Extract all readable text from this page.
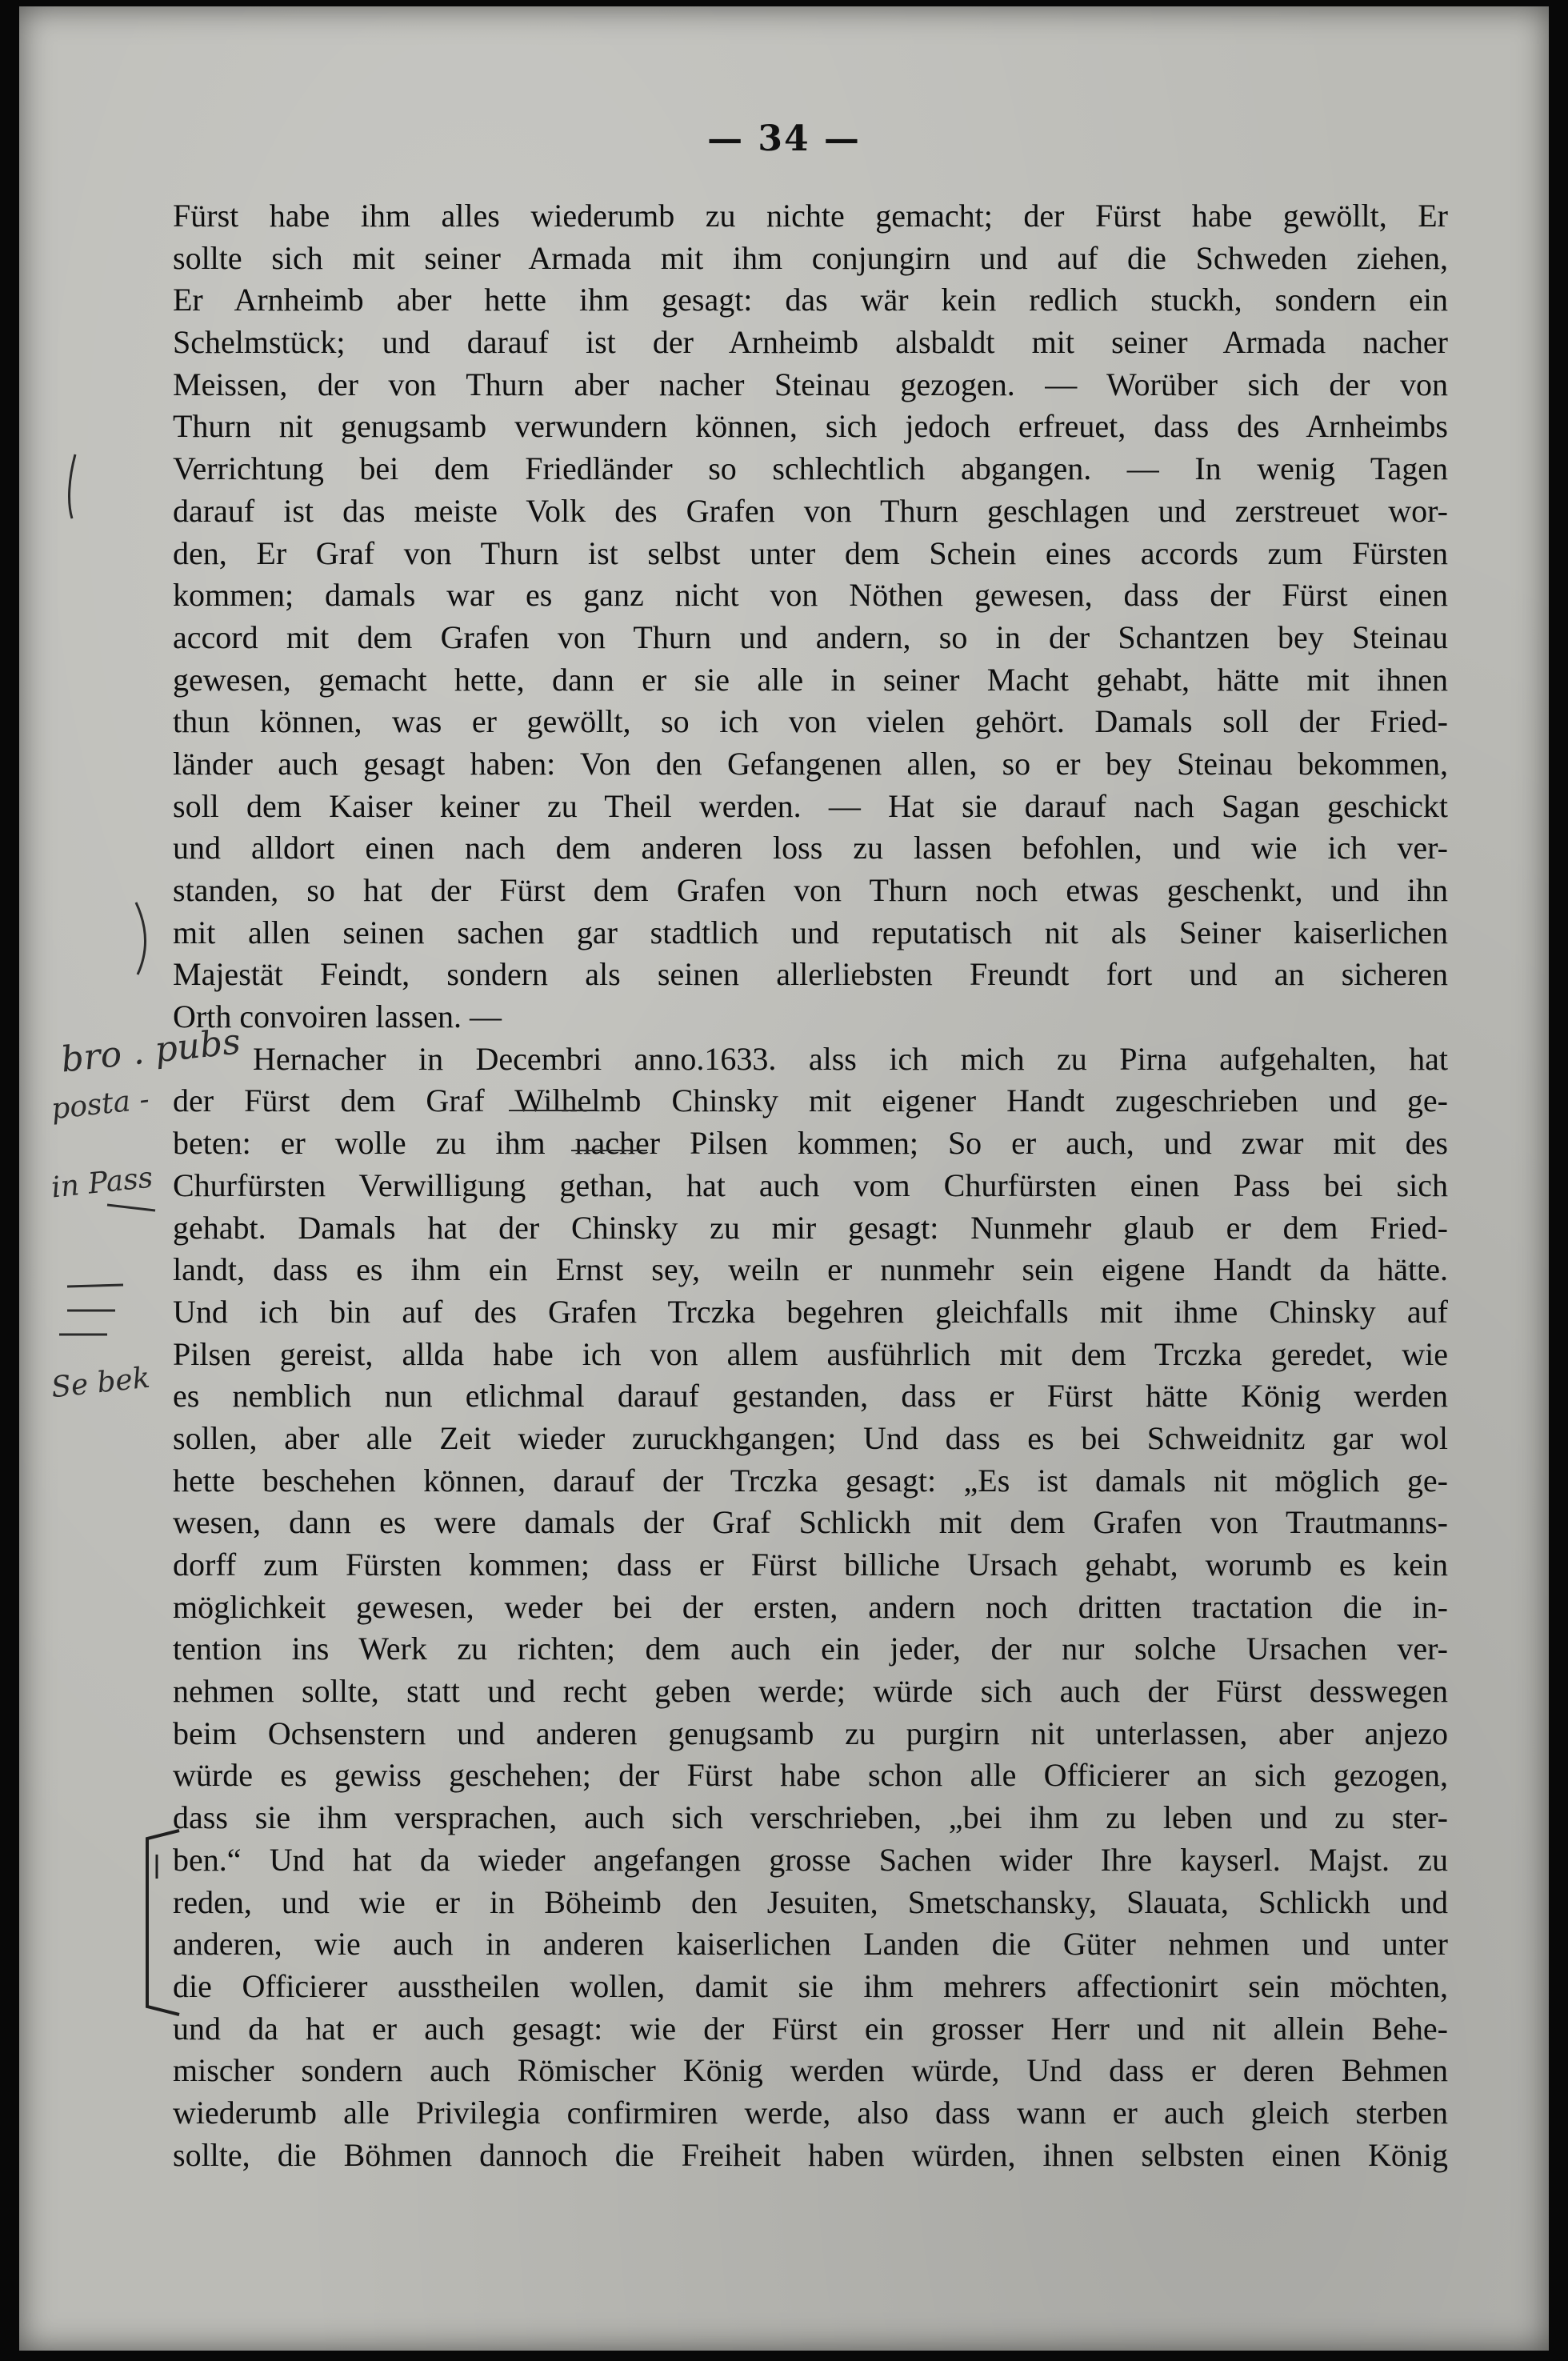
— 34 —
Fürst habe ihm alles wiederumb zu nichte gemacht; der Fürst habe gewöllt, Er
sollte sich mit seiner Armada mit ihm conjungirn und auf die Schweden ziehen,
Er Arnheimb aber hette ihm gesagt: das wär kein redlich stuckh, sondern ein
Schelmstück; und darauf ist der Arnheimb alsbaldt mit seiner Armada nacher
Meissen, der von Thurn aber nacher Steinau gezogen. — Worüber sich der von
Thurn nit genugsamb verwundern können, sich jedoch erfreuet, dass des Arnheimbs
Verrichtung bei dem Friedländer so schlechtlich abgangen. — In wenig Tagen
darauf ist das meiste Volk des Grafen von Thurn geschlagen und zerstreuet wor-
den, Er Graf von Thurn ist selbst unter dem Schein eines accords zum Fürsten
kommen; damals war es ganz nicht von Nöthen gewesen, dass der Fürst einen
accord mit dem Grafen von Thurn und andern, so in der Schantzen bey Steinau
gewesen, gemacht hette, dann er sie alle in seiner Macht gehabt, hätte mit ihnen
thun können, was er gewöllt, so ich von vielen gehört. Damals soll der Fried-
länder auch gesagt haben: Von den Gefangenen allen, so er bey Steinau bekommen,
soll dem Kaiser keiner zu Theil werden. — Hat sie darauf nach Sagan geschickt
und alldort einen nach dem anderen loss zu lassen befohlen, und wie ich ver-
standen, so hat der Fürst dem Grafen von Thurn noch etwas geschenkt, und ihn
mit allen seinen sachen gar stadtlich und reputatisch nit als Seiner kaiserlichen
Majestät Feindt, sondern als seinen allerliebsten Freundt fort und an sicheren
Orth convoiren lassen. —
Hernacher in Decembri anno.1633. alss ich mich zu Pirna aufgehalten, hat
der Fürst dem Graf Wilhelmb Chinsky mit eigener Handt zugeschrieben und ge-
beten: er wolle zu ihm nacher Pilsen kommen; So er auch, und zwar mit des
Churfürsten Verwilligung gethan, hat auch vom Churfürsten einen Pass bei sich
gehabt. Damals hat der Chinsky zu mir gesagt: Nunmehr glaub er dem Fried-
landt, dass es ihm ein Ernst sey, weiln er nunmehr sein eigene Handt da hätte.
Und ich bin auf des Grafen Trczka begehren gleichfalls mit ihme Chinsky auf
Pilsen gereist, allda habe ich von allem ausführlich mit dem Trczka geredet, wie
es nemblich nun etlichmal darauf gestanden, dass er Fürst hätte König werden
sollen, aber alle Zeit wieder zuruckhgangen; Und dass es bei Schweidnitz gar wol
hette beschehen können, darauf der Trczka gesagt: „Es ist damals nit möglich ge-
wesen, dann es were damals der Graf Schlickh mit dem Grafen von Trautmanns-
dorff zum Fürsten kommen; dass er Fürst billiche Ursach gehabt, worumb es kein
möglichkeit gewesen, weder bei der ersten, andern noch dritten tractation die in-
tention ins Werk zu richten; dem auch ein jeder, der nur solche Ursachen ver-
nehmen sollte, statt und recht geben werde; würde sich auch der Fürst desswegen
beim Ochsenstern und anderen genugsamb zu purgirn nit unterlassen, aber anjezo
würde es gewiss geschehen; der Fürst habe schon alle Officierer an sich gezogen,
dass sie ihm versprachen, auch sich verschrieben, „bei ihm zu leben und zu ster-
ben.“ Und hat da wieder angefangen grosse Sachen wider Ihre kayserl. Majst. zu
reden, und wie er in Böheimb den Jesuiten, Smetschansky, Slauata, Schlickh und
anderen, wie auch in anderen kaiserlichen Landen die Güter nehmen und unter
die Officierer ausstheilen wollen, damit sie ihm mehrers affectionirt sein möchten,
und da hat er auch gesagt: wie der Fürst ein grosser Herr und nit allein Behe-
mischer sondern auch Römischer König werden würde, Und dass er deren Behmen
wiederumb alle Privilegia confirmiren werde, also dass wann er auch gleich sterben
sollte, die Böhmen dannoch die Freiheit haben würden, ihnen selbsten einen König
bro . pubs
posta -
in Pass
Se bek
